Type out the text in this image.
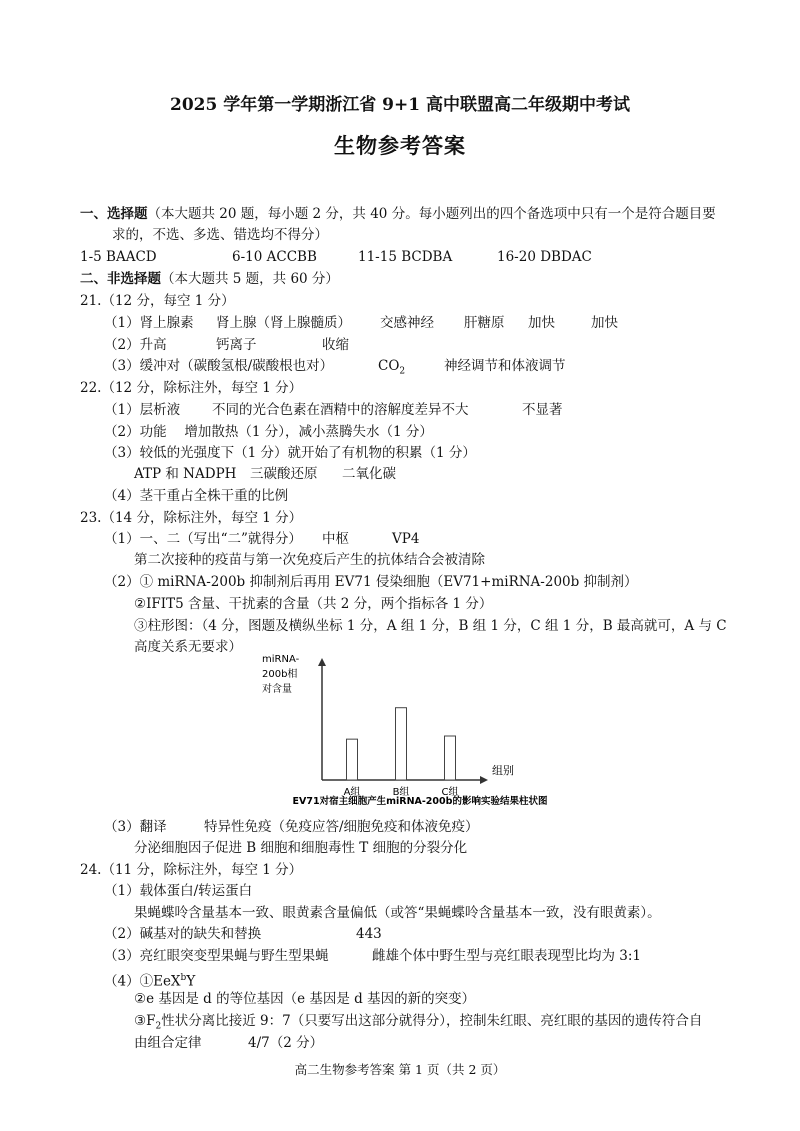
2025 学年第一学期浙江省 9+1 高中联盟高二年级期中考试
生物参考答案
一、选择题（本大题共 20 题，每小题 2 分，共 40 分。每小题列出的四个备选项中只有一个是符合题目要
求的，不选、多选、错选均不得分）
1-5 BAACD	6-10 ACCBB	11-15 BCDBA	16-20 DBDAC
二、非选择题（本大题共 5 题，共 60 分）
21.（12 分，每空 1 分）
（1）肾上腺素 肾上腺（肾上腺髓质） 交感神经 肝糖原 加快	加快
（2）升高	钙离子	收缩
（3）缓冲对（碳酸氢根/碳酸根也对）	$CO_2$	神经调节和体液调节
22.（12 分，除标注外，每空 1 分）
（1）层析液 不同的光合色素在酒精中的溶解度差异不大	不显著
（2）功能　 增加散热（1 分），减小蒸腾失水（1 分）
（3）较低的光强度下（1 分）就开始了有机物的积累（1 分）
ATP 和 NADPH 三碳酸还原 二氧化碳
（4）茎干重占全株干重的比例
23.（14 分，除标注外，每空 1 分）
（1）一、二（写出“二”就得分） 中枢	VP4
第二次接种的疫苗与第一次免疫后产生的抗体结合会被清除
（2）① miRNA-200b 抑制剂后再用 EV71 侵染细胞（EV71+miRNA-200b 抑制剂）
②IFIT5 含量、干扰素的含量（共 2 分，两个指标各 1 分）
③柱形图：（4 分，图题及横纵坐标 1 分，A 组 1 分，B 组 1 分，C 组 1 分，B 最高就可，A 与 C
高度关系无要求）
miRNA-
200b相
对含量
A组	B组	C组
组别
EV71对宿主细胞产生miRNA-200b的影响实验结果柱状图
（3）翻译	特异性免疫（免疫应答/细胞免疫和体液免疫）
分泌细胞因子促进 B 细胞和细胞毒性 T 细胞的分裂分化
24.（11 分，除标注外，每空 1 分）
（1）载体蛋白/转运蛋白
果蝇蝶呤含量基本一致、眼黄素含量偏低（或答“果蝇蝶呤含量基本一致，没有眼黄素）。
（2）碱基对的缺失和替换	443
（3）亮红眼突变型果蝇与野生型果蝇	雌雄个体中野生型与亮红眼表现型比均为 3:1
（4）①EeX$^b$Y
②e 基因是 d 的等位基因（e 基因是 d 基因的新的突变）
$③F_2$性状分离比接近 9：7（只要写出这部分就得分），控制朱红眼、亮红眼的基因的遗传符合自
由组合定律	4/7（2 分）
高二生物参考答案 第 1 页（共 2 页）
